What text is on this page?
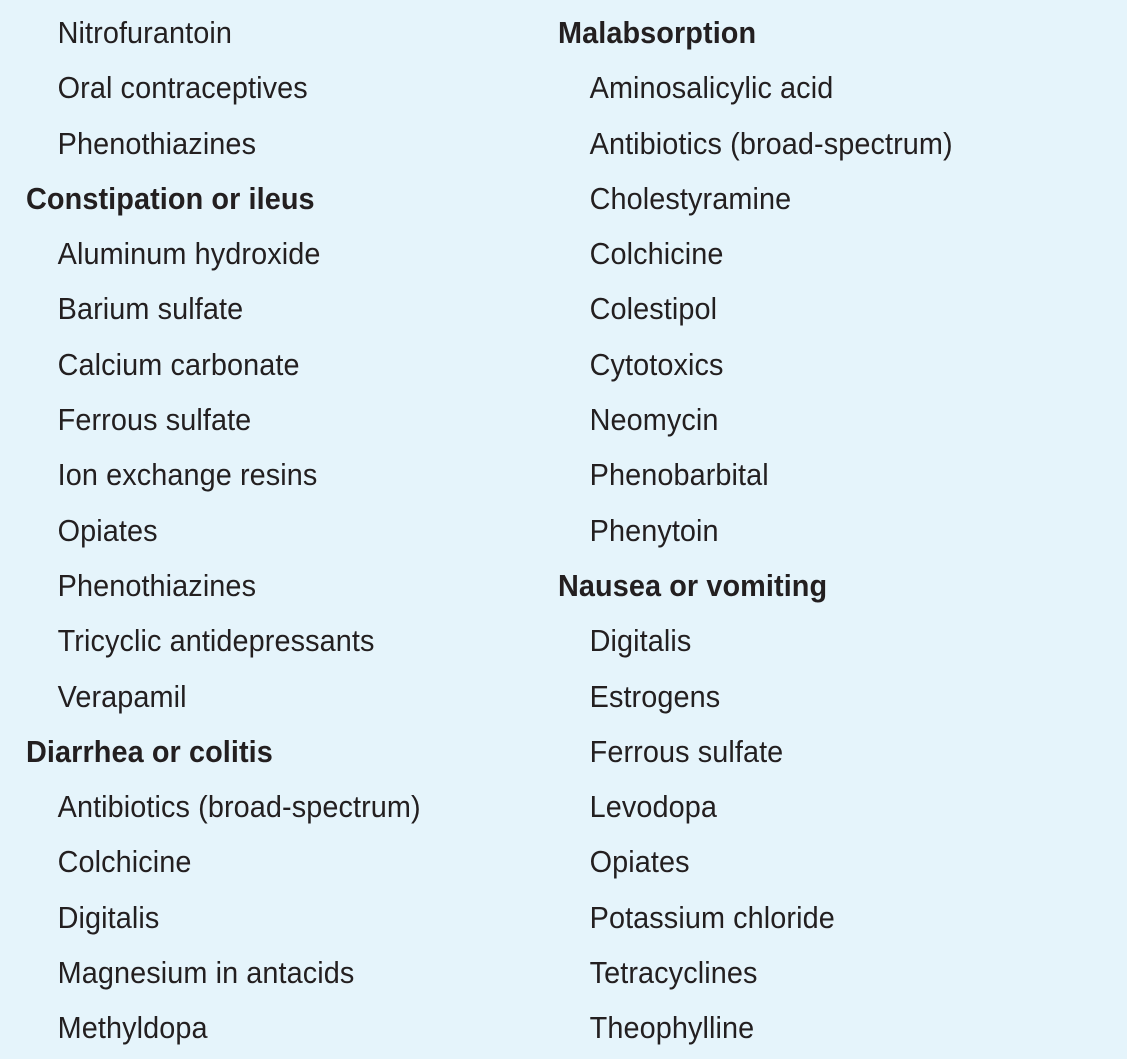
Nitrofurantoin
Oral contraceptives
Phenothiazines
Constipation or ileus
Aluminum hydroxide
Barium sulfate
Calcium carbonate
Ferrous sulfate
Ion exchange resins
Opiates
Phenothiazines
Tricyclic antidepressants
Verapamil
Diarrhea or colitis
Antibiotics (broad-spectrum)
Colchicine
Digitalis
Magnesium in antacids
Methyldopa
Malabsorption
Aminosalicylic acid
Antibiotics (broad-spectrum)
Cholestyramine
Colchicine
Colestipol
Cytotoxics
Neomycin
Phenobarbital
Phenytoin
Nausea or vomiting
Digitalis
Estrogens
Ferrous sulfate
Levodopa
Opiates
Potassium chloride
Tetracyclines
Theophylline
